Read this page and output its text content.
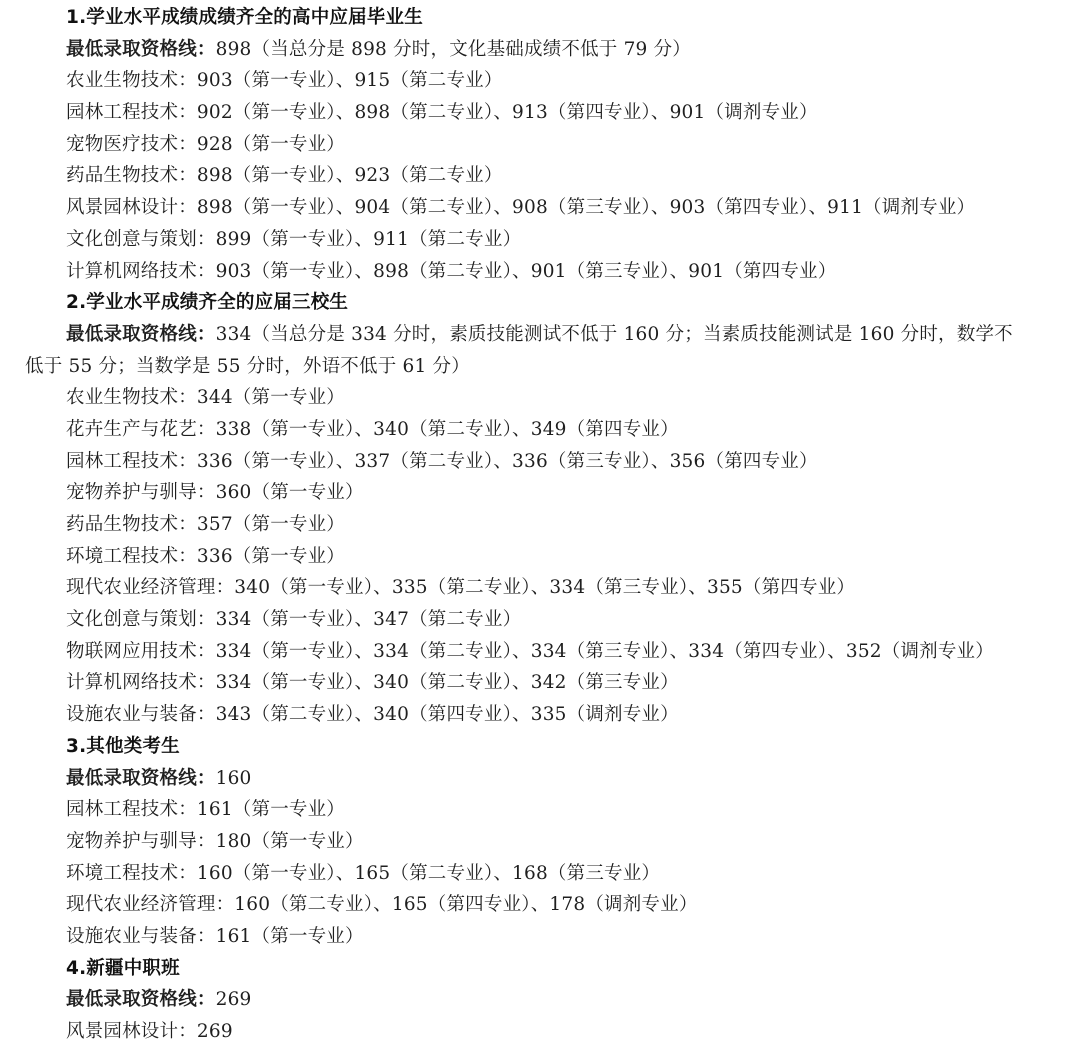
1.学业水平成绩成绩齐全的高中应届毕业生
最低录取资格线：898（当总分是 898 分时，文化基础成绩不低于 79 分）
农业生物技术：903（第一专业）、915（第二专业）
园林工程技术：902（第一专业）、898（第二专业）、913（第四专业）、901（调剂专业）
宠物医疗技术：928（第一专业）
药品生物技术：898（第一专业）、923（第二专业）
风景园林设计：898（第一专业）、904（第二专业）、908（第三专业）、903（第四专业）、911（调剂专业）
文化创意与策划：899（第一专业）、911（第二专业）
计算机网络技术：903（第一专业）、898（第二专业）、901（第三专业）、901（第四专业）
2.学业水平成绩齐全的应届三校生
最低录取资格线：334（当总分是 334 分时，素质技能测试不低于 160 分；当素质技能测试是 160 分时，数学不
低于 55 分；当数学是 55 分时，外语不低于 61 分）
农业生物技术：344（第一专业）
花卉生产与花艺：338（第一专业）、340（第二专业）、349（第四专业）
园林工程技术：336（第一专业）、337（第二专业）、336（第三专业）、356（第四专业）
宠物养护与驯导：360（第一专业）
药品生物技术：357（第一专业）
环境工程技术：336（第一专业）
现代农业经济管理：340（第一专业）、335（第二专业）、334（第三专业）、355（第四专业）
文化创意与策划：334（第一专业）、347（第二专业）
物联网应用技术：334（第一专业）、334（第二专业）、334（第三专业）、334（第四专业）、352（调剂专业）
计算机网络技术：334（第一专业）、340（第二专业）、342（第三专业）
设施农业与装备：343（第二专业）、340（第四专业）、335（调剂专业）
3.其他类考生
最低录取资格线：160
园林工程技术：161（第一专业）
宠物养护与驯导：180（第一专业）
环境工程技术：160（第一专业）、165（第二专业）、168（第三专业）
现代农业经济管理：160（第二专业）、165（第四专业）、178（调剂专业）
设施农业与装备：161（第一专业）
4.新疆中职班
最低录取资格线：269
风景园林设计：269
